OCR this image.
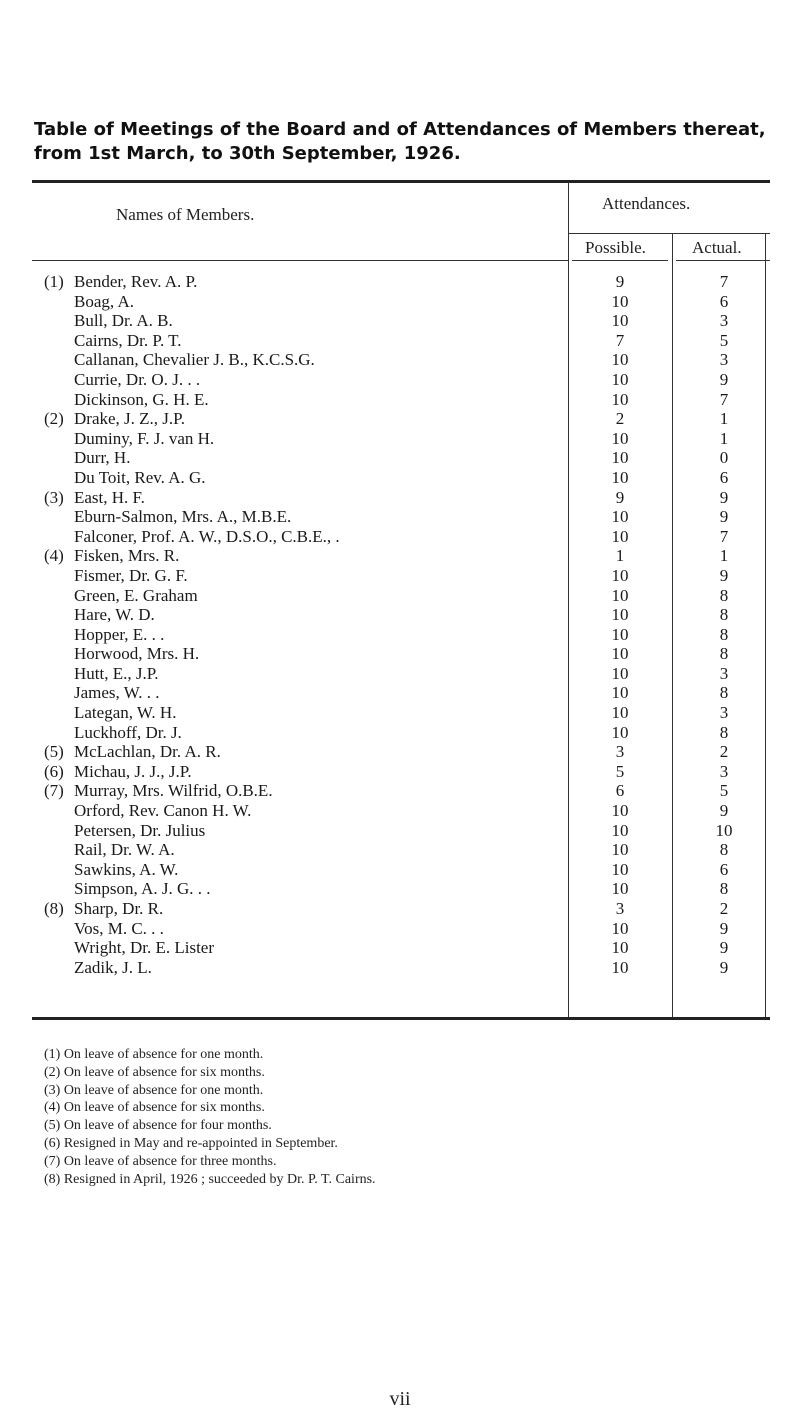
Table of Meetings of the Board and of Attendances of Members thereat,
from 1st March, to 30th September, 1926.
Names of Members.
Attendances.
Possible.	Actual.
(1) Bender, Rev. A. P.	9	7
Boag, A.	10	6
Bull, Dr. A. B.	10	3
Cairns, Dr. P. T.	7	5
Callanan, Chevalier J. B., K.C.S.G.	10	3
Currie, Dr. O. J. . .	10	9
Dickinson, G. H. E.	10	7
(2) Drake, J. Z., J.P.	2	1
Duminy, F. J. van H.	10	1
Durr, H.	10	0
Du Toit, Rev. A. G.	10	6
(3) East, H. F.	9	9
Eburn-Salmon, Mrs. A., M.B.E.	10	9
Falconer, Prof. A. W., D.S.O., C.B.E., .	10	7
(4) Fisken, Mrs. R.	1	1
Fismer, Dr. G. F.	10	9
Green, E. Graham	10	8
Hare, W. D.	10	8
Hopper, E. . .	10	8
Horwood, Mrs. H.	10	8
Hutt, E., J.P.	10	3
James, W. . .	10	8
Lategan, W. H.	10	3
Luckhoff, Dr. J.	10	8
(5) McLachlan, Dr. A. R.	3	2
(6) Michau, J. J., J.P.	5	3
(7) Murray, Mrs. Wilfrid, O.B.E.	6	5
Orford, Rev. Canon H. W.	10	9
Petersen, Dr. Julius	10	10
Rail, Dr. W. A.	10	8
Sawkins, A. W.	10	6
Simpson, A. J. G. . .	10	8
(8) Sharp, Dr. R.	3	2
Vos, M. C. . .	10	9
Wright, Dr. E. Lister	10	9
Zadik, J. L.	10	9
(1) On leave of absence for one month.
(2) On leave of absence for six months.
(3) On leave of absence for one month.
(4) On leave of absence for six months.
(5) On leave of absence for four months.
(6) Resigned in May and re-appointed in September.
(7) On leave of absence for three months.
(8) Resigned in April, 1926 ; succeeded by Dr. P. T. Cairns.
vii
